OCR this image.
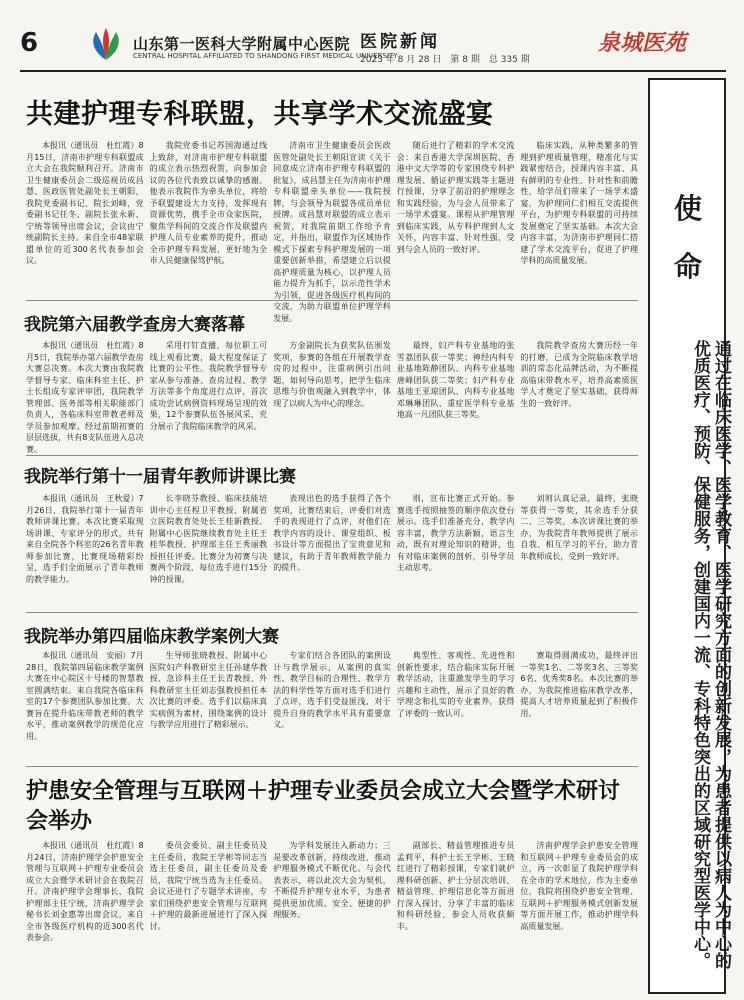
6	山东第一医科大学附属中心医院
CENTRAL HOSPITAL AFFILIATED TO SHANDONG FIRST MEDICAL UNIVERSITY
医院新闻
2023 年 8 月 28 日　第 8 期　总 335 期
泉城医苑
使
命
通过在临床医学、医学教育、医学研究方面的创新发展，为患者提供以病人为中心的优质医疗、预防、保健服务，创建国内一流、专科特色突出的区域研究型医学中心。
共建护理专科联盟，共享学术交流盛宴

本报讯（通讯员　杜红霞）8月15日，济南市护理专科联盟成立大会在我院顺利召开。济南市卫生健康委员会二级巡视员成昌慧、医政医管处副处长王朝阳，我院党委副书记、院长刘峰，党委副书记任冬、副院长张永新、宁统等领导出席会议，会议由宁统副院长主持。来自全市48家联盟单位的近300名代表参加会议。

我院党委书记苏国海通过线上致辞，对济南市护理专科联盟的成立表示热烈祝贺，向参加会议的各位代表致以诚挚的感谢。他表示我院作为牵头单位，将给予联盟建设大力支持，发挥现有资源优势，携手全市众家医院，聚焦学科间的交流合作及联盟内护理人员专业素养的提升，推动全市护理专科发展，更好地为全市人民健康保驾护航。

济南市卫生健康委员会医政医管处副处长王朝阳宣读《关于同意成立济南市护理专科联盟的批复》，成昌慧主任为济南市护理专科联盟牵头单位——我院授牌，与会领导为联盟各成员单位授牌。成昌慧对联盟的成立表示祝贺，对我院前期工作给予肯定，并指出，联盟作为区域协作模式下探索专科护理发展的一项重要创新举措，希望建立后以提高护理质量为核心，以护理人员能力提升为抓手，以示范性学术为引领，促进各级医疗机构间的交流，为助力联盟单位护理学科发展。

随后进行了精彩的学术交流会：来自香港大学深圳医院、香港中文大学等的专家围绕专科护理发展、循证护理实践等主题进行授课，分享了前沿的护理理念和实践经验，为与会人员带来了一场学术盛宴。课程从护理管理到临床实践，从专科护理到人文关怀，内容丰富、针对性强，受到与会人员的一致好评。

临床实践，从种类繁多的管理到护理质量管理，精准化与实践紧密结合，授课内容丰富、具有鲜明的专业性、针对性和前瞻性，给学员们带来了一场学术盛宴，为护理同仁们相互交流提供平台，为护理专科联盟的可持续发展奠定了坚实基础。本次大会内容丰富，为济南市护理同仁搭建了学术交流平台，促进了护理学科的高质量发展。

我院第六届教学查房大赛落幕

本报讯（通讯员　杜红霞）8月5日，我院举办第六届教学查房大赛总决赛。本次大赛由我院教学督导专家、临床科室主任、护士长组成专家评审团，我院教学管理部、医务部等相关职能部门负责人，各临床科室带教老师及学员参加观摩。经过前期初赛的层层选拔，共有8支队伍进入总决赛。

采用打钉直播，每位职工可线上观看比赛，最大程度保证了比赛的公平性。我院教学督导专家从参与准备、查房过程、教学方法等多个角度进行点评，首次成功尝试病例资料现场呈现的效果，12个参赛队伍各展风采，充分展示了我院临床教学的风采。

方金副院长为获奖队伍颁发奖项，参赛的各组在开展教学查房的过程中，注重病例引出问题，如何导向思考，把学生临床思维与价值观融入到教学中，体现了以病人为中心的理念。

最终，妇产科专业基地的张雪荔团队获一等奖；神经内科专业基地陈静团队、内科专业基地唐峰团队获二等奖；妇产科专业基地王亚琼团队、内科专业基地邓琳琳团队、重症医学科专业基地高一凡团队获三等奖。

我院教学查房大赛历经一年的打磨，已成为全院临床教学培训的常态化品牌活动，为不断提高临床带教水平，培养高素质医学人才奠定了坚实基础，获得师生的一致好评。

我院举行第十一届青年教师讲课比赛

本报讯（通讯员　王秋爱）7月26日，我院举行第十一届青年教师讲课比赛。本次比赛采取现场讲课、专家评分的形式，共有来自全院各个科室的26名青年教师参加比赛，比赛现场精彩纷呈，选手们全面展示了青年教师的教学能力。

长李晓芬教授、临床技能培训中心主任程卫平教授、附属省立医院教育处处长王桂新教授、附属中心医院继续教育处主任王桂华教授、护理部主任王秀丽教授担任评委。比赛分为初赛与决赛两个阶段，每位选手进行15分钟的授课。

表现出色的选手获得了各个奖项，比赛结束后，评委们对选手的表现进行了点评，对他们在教学内容的设计、课堂组织、板书设计等方面提出了宝贵意见和建议，有助于青年教师教学能力的提升。

则，宣布比赛正式开始。参赛选手按照抽签的顺序依次登台展示。选手们准备充分，教学内容丰富，教学方法新颖，语言生动，既有对理论知识的精讲，也有对临床案例的剖析，引导学员主动思考。

刘则认真记录，最终，张晓等获得一等奖，其余选手分获二、三等奖，本次讲课比赛的举办，为我院青年教师提供了展示自我、相互学习的平台，助力青年教师成长，受到一致好评。

我院举办第四届临床教学案例大赛

本报讯（通讯员　安丽）7月28日，我院第四届临床教学案例大赛在中心院区十号楼的智慧教室圆满结束。来自我院各临床科室的17个参赛团队参加比赛。大赛旨在提升临床带教老师的教学水平，推动案例教学的规范化应用。

生导师张晓教授、附属中心医院妇产科教研室主任孙建华教授、急诊科主任王长青教授、外科教研室主任刘志强教授担任本次比赛的评委。选手们以临床真实病例为素材，围绕案例的设计与教学应用进行了精彩展示。

专家们结合各团队的案例设计与教学展示，从案例的真实性、教学目标的合理性、教学方法的科学性等方面对选手们进行了点评，选手们受益匪浅，对于提升自身的教学水平具有重要意义。

典型性、客观性、先进性和创新性要求，结合临床实际开展教学活动，注重激发学生的学习兴趣和主动性，展示了良好的教学理念和扎实的专业素养，获得了评委的一致认可。

赛取得圆满成功，最终评出一等奖1名、二等奖3名、三等奖6名、优秀奖8名。本次比赛的举办，为我院推进临床教学改革，提高人才培养质量起到了积极作用。

护患安全管理与互联网＋护理专业委员会成立大会暨学术研讨会举办

本报讯（通讯员　杜红霞）8月24日，济南护理学会护患安全管理与互联网＋护理专业委员会成立大会暨学术研讨会在我院召开。济南护理学会理事长、我院护理部主任宁统，济南护理学会秘书长刘金惠等出席会议，来自全市各级医疗机构的近300名代表参会。

委员会委员、副主任委员及主任委员，我院王学彬等同志当选主任委员，副主任委员及委员，我院宁统当选为主任委员。会议还进行了专题学术讲座，专家们围绕护患安全管理与互联网＋护理的最新进展进行了深入探讨。

为学科发展注入新动力；三是要改革创新，持续改进，推动护理服务模式不断优化。与会代表表示，将以此次大会为契机，不断提升护理专业水平，为患者提供更加优质、安全、便捷的护理服务。

副部长、精益管理推进专员孟莉平，科护士长王学彬、王晓红进行了精彩授课，专家们就护理科研创新、护士分层次培训、精益管理、护理信息化等方面进行深入探讨，分享了丰富的临床和科研经验，参会人员收获颇丰。

济南护理学会护患安全管理和互联网＋护理专业委员会的成立，再一次彰显了我院护理学科在全市的学术地位，作为主委单位，我院将围绕护患安全管理、互联网＋护理服务模式创新发展等方面开展工作，推动护理学科高质量发展。
